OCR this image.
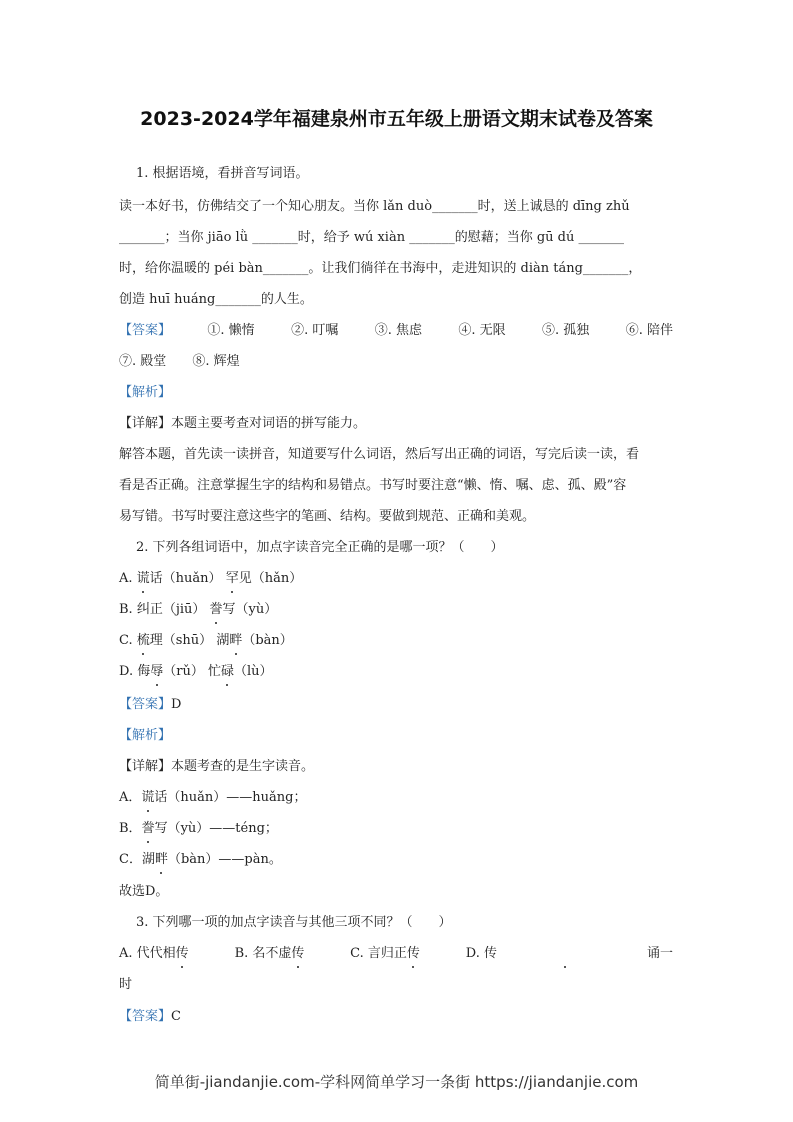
2023-2024学年福建泉州市五年级上册语文期末试卷及答案
1. 根据语境，看拼音写词语。
读一本好书，仿佛结交了一个知心朋友。当你 lǎn duò_______时，送上诚恳的 dīng zhǔ
_______；当你 jiāo lǜ _______时，给予 wú xiàn _______的慰藉；当你 gū dú _______
时，给你温暖的 péi bàn_______。让我们徜徉在书海中，走进知识的 diàn táng_______，
创造 huī huáng_______的人生。
【答案】	①. 懒惰	②. 叮嘱	③. 焦虑	④. 无限	⑤. 孤独	⑥. 陪伴
⑦. 殿堂 ⑧. 辉煌
【解析】
【详解】本题主要考查对词语的拼写能力。
解答本题，首先读一读拼音，知道要写什么词语，然后写出正确的词语，写完后读一读，看
看是否正确。注意掌握生字的结构和易错点。书写时要注意“懒、惰、嘱、虑、孤、殿”容
易写错。书写时要注意这些字的笔画、结构。要做到规范、正确和美观。
2. 下列各组词语中，加点字读音完全正确的是哪一项？（　　）
A. 谎话（huǎn） 罕见（hǎn）
B. 纠正（jiū） 誊写（yù）
C. 梳理（shū） 湖畔（bàn）
D. 侮辱（rǔ） 忙碌（lù）
【答案】D
【解析】
【详解】本题考查的是生字读音。
A．谎话（huǎn）——huǎng；
B．誊写（yù）——téng；
C．湖畔（bàn）——pàn。
故选D。
3. 下列哪一项的加点字读音与其他三项不同？（　　）
A. 代代相传	B. 名不虚传	C. 言归正传	D. 传	诵一
时
【答案】C
简单街-jiandanjie.com-学科网简单学习一条街 https://jiandanjie.com
